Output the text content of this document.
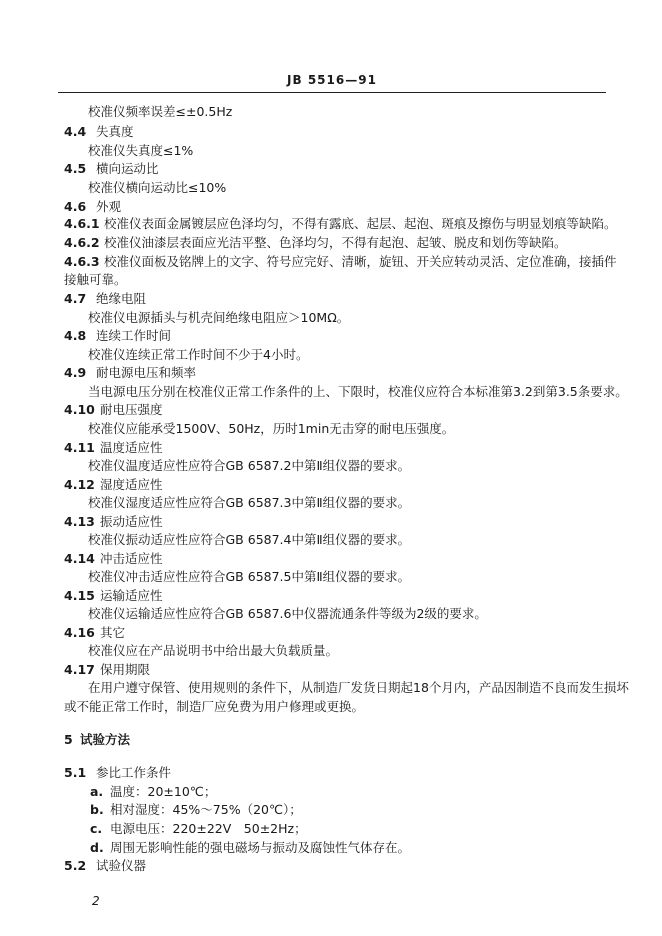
JB 5516—91
校准仪频率误差≤±0.5Hz
4.4 失真度
校准仪失真度≤1%
4.5 横向运动比
校准仪横向运动比≤10%
4.6 外观
4.6.1 校准仪表面金属镀层应色泽均匀，不得有露底、起层、起泡、斑痕及擦伤与明显划痕等缺陷。
4.6.2 校准仪油漆层表面应光洁平整、色泽均匀，不得有起泡、起皱、脱皮和划伤等缺陷。
4.6.3 校准仪面板及铭牌上的文字、符号应完好、清晰，旋钮、开关应转动灵活、定位准确，接插件
接触可靠。
4.7 绝缘电阻
校准仪电源插头与机壳间绝缘电阻应＞10MΩ。
4.8 连续工作时间
校准仪连续正常工作时间不少于4小时。
4.9 耐电源电压和频率
当电源电压分别在校准仪正常工作条件的上、下限时，校准仪应符合本标准第3.2到第3.5条要求。
4.10 耐电压强度
校准仪应能承受1500V、50Hz，历时1min无击穿的耐电压强度。
4.11 温度适应性
校准仪温度适应性应符合GB 6587.2中第Ⅱ组仪器的要求。
4.12 湿度适应性
校准仪湿度适应性应符合GB 6587.3中第Ⅱ组仪器的要求。
4.13 振动适应性
校准仪振动适应性应符合GB 6587.4中第Ⅱ组仪器的要求。
4.14 冲击适应性
校准仪冲击适应性应符合GB 6587.5中第Ⅱ组仪器的要求。
4.15 运输适应性
校准仪运输适应性应符合GB 6587.6中仪器流通条件等级为2级的要求。
4.16 其它
校准仪应在产品说明书中给出最大负载质量。
4.17 保用期限
在用户遵守保管、使用规则的条件下，从制造厂发货日期起18个月内，产品因制造不良而发生损坏
或不能正常工作时，制造厂应免费为用户修理或更换。
5 试验方法
5.1 参比工作条件
a. 温度：20±10℃；
b. 相对湿度：45%～75%（20℃）；
c. 电源电压：220±22V　50±2Hz；
d. 周围无影响性能的强电磁场与振动及腐蚀性气体存在。
5.2 试验仪器
2
